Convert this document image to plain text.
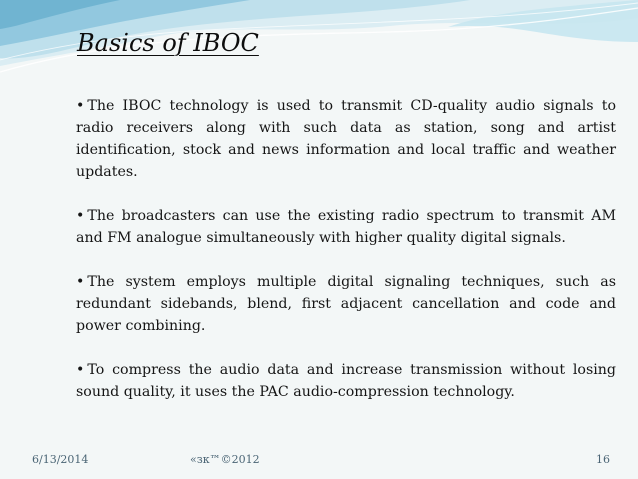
Basics of IBOC

• The IBOC technology is used to transmit CD-quality audio signals to radio receivers along with such data as station, song and artist identification, stock and news information and local traffic and weather updates.

• The broadcasters can use the existing radio spectrum to transmit AM and FM analogue simultaneously with higher quality digital signals.

• The system employs multiple digital signaling techniques, such as redundant sidebands, blend, first adjacent cancellation and code and power combining.

• To compress the audio data and increase transmission without losing sound quality, it uses the PAC audio-compression technology.

6/13/2014	«зк™©2012	16
